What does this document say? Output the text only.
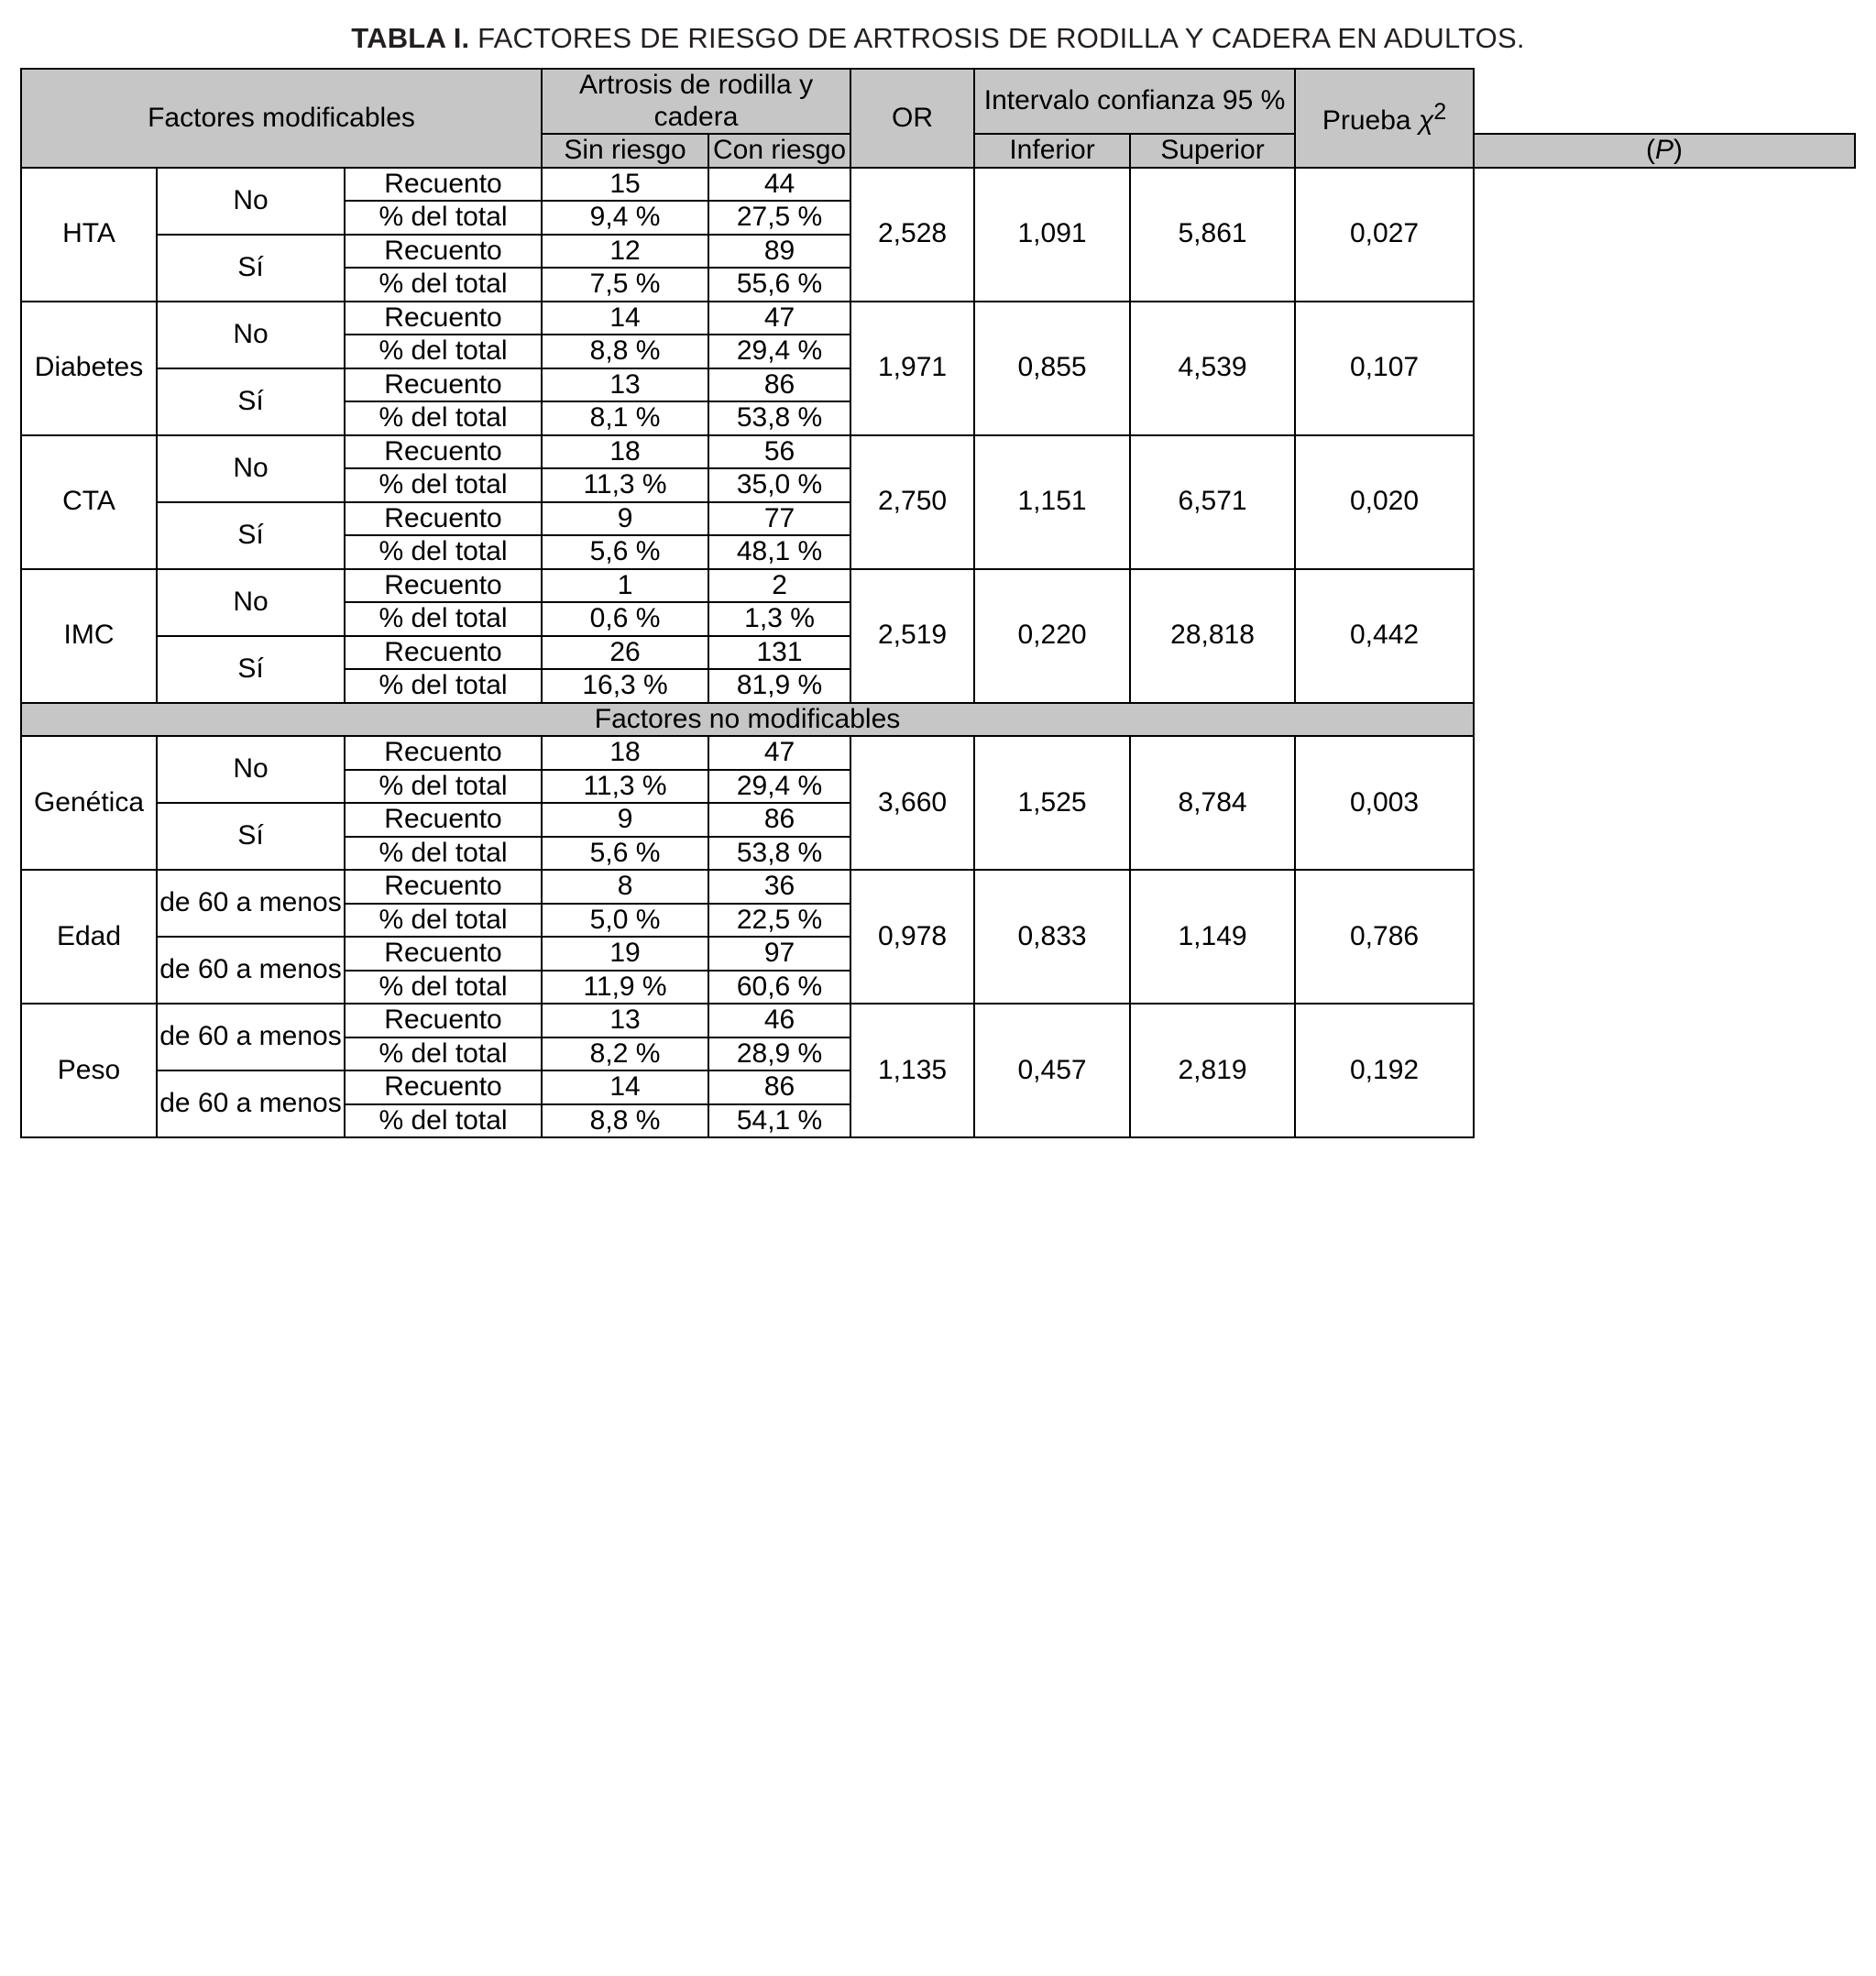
TABLA I. FACTORES DE RIESGO DE ARTROSIS DE RODILLA Y CADERA EN ADULTOS.
Factores modificables			Artrosis de rodilla y cadera		OR	Intervalo confianza 95 %		Prueba $\chi^2$
			Sin riesgo	Con riesgo		Inferior	Superior		(P)
HTA	No	Recuento	15	44	2,528	1,091	5,861	0,027	
		% del total	9,4 %	27,5 %					
	Sí	Recuento	12	89					
		% del total	7,5 %	55,6 %					
Diabetes	No	Recuento	14	47	1,971	0,855	4,539	0,107	
		% del total	8,8 %	29,4 %					
	Sí	Recuento	13	86					
		% del total	8,1 %	53,8 %					
CTA	No	Recuento	18	56	2,750	1,151	6,571	0,020	
		% del total	11,3 %	35,0 %					
	Sí	Recuento	9	77					
		% del total	5,6 %	48,1 %					
IMC	No	Recuento	1	2	2,519	0,220	28,818	0,442	
		% del total	0,6 %	1,3 %					
	Sí	Recuento	26	131					
		% del total	16,3 %	81,9 %					
Factores no modificables									
Genética	No	Recuento	18	47	3,660	1,525	8,784	0,003	
		% del total	11,3 %	29,4 %					
	Sí	Recuento	9	86					
		% del total	5,6 %	53,8 %					
Edad	de 60 a menos	Recuento	8	36	0,978	0,833	1,149	0,786	
		% del total	5,0 %	22,5 %					
	de 60 a menos	Recuento	19	97					
		% del total	11,9 %	60,6 %					
Peso	de 60 a menos	Recuento	13	46	1,135	0,457	2,819	0,192	
		% del total	8,2 %	28,9 %					
	de 60 a menos	Recuento	14	86					
		% del total	8,8 %	54,1 %					
